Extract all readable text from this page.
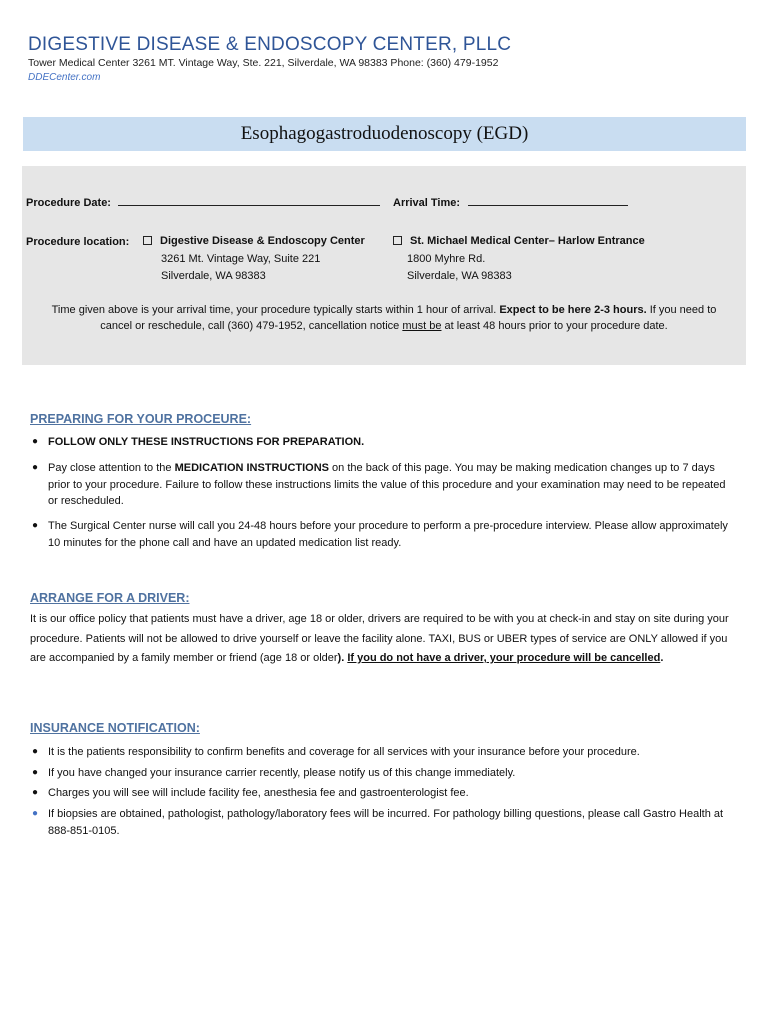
DIGESTIVE DISEASE & ENDOSCOPY CENTER, PLLC
Tower Medical Center 3261 MT. Vintage Way, Ste. 221, Silverdale, WA 98383 Phone: (360) 479-1952
DDECenter.com
Esophagogastroduodenoscopy (EGD)
Procedure Date:	Arrival Time:
Procedure location:	Digestive Disease & Endoscopy Center
3261 Mt. Vintage Way, Suite 221
Silverdale, WA 98383
St. Michael Medical Center– Harlow Entrance
1800 Myhre Rd.
Silverdale, WA 98383
Time given above is your arrival time, your procedure typically starts within 1 hour of arrival. Expect to be here 2-3 hours. If you need to
cancel or reschedule, call (360) 479-1952, cancellation notice must be at least 48 hours prior to your procedure date.
PREPARING FOR YOUR PROCEURE:
● FOLLOW ONLY THESE INSTRUCTIONS FOR PREPARATION.
● Pay close attention to the MEDICATION INSTRUCTIONS on the back of this page. You may be making medication changes up to 7 days prior to your procedure. Failure to follow these instructions limits the value of this procedure and your examination may need to be repeated or rescheduled.
● The Surgical Center nurse will call you 24-48 hours before your procedure to perform a pre-procedure interview. Please allow approximately 10 minutes for the phone call and have an updated medication list ready.
ARRANGE FOR A DRIVER:
It is our office policy that patients must have a driver, age 18 or older, drivers are required to be with you at check-in and stay on site during your procedure. Patients will not be allowed to drive yourself or leave the facility alone. TAXI, BUS or UBER types of service are ONLY allowed if you are accompanied by a family member or friend (age 18 or older). If you do not have a driver, your procedure will be cancelled.
INSURANCE NOTIFICATION:
● It is the patients responsibility to confirm benefits and coverage for all services with your insurance before your procedure.
● If you have changed your insurance carrier recently, please notify us of this change immediately.
● Charges you will see will include facility fee, anesthesia fee and gastroenterologist fee.
● If biopsies are obtained, pathologist, pathology/laboratory fees will be incurred. For pathology billing questions, please call Gastro Health at 888-851-0105.
